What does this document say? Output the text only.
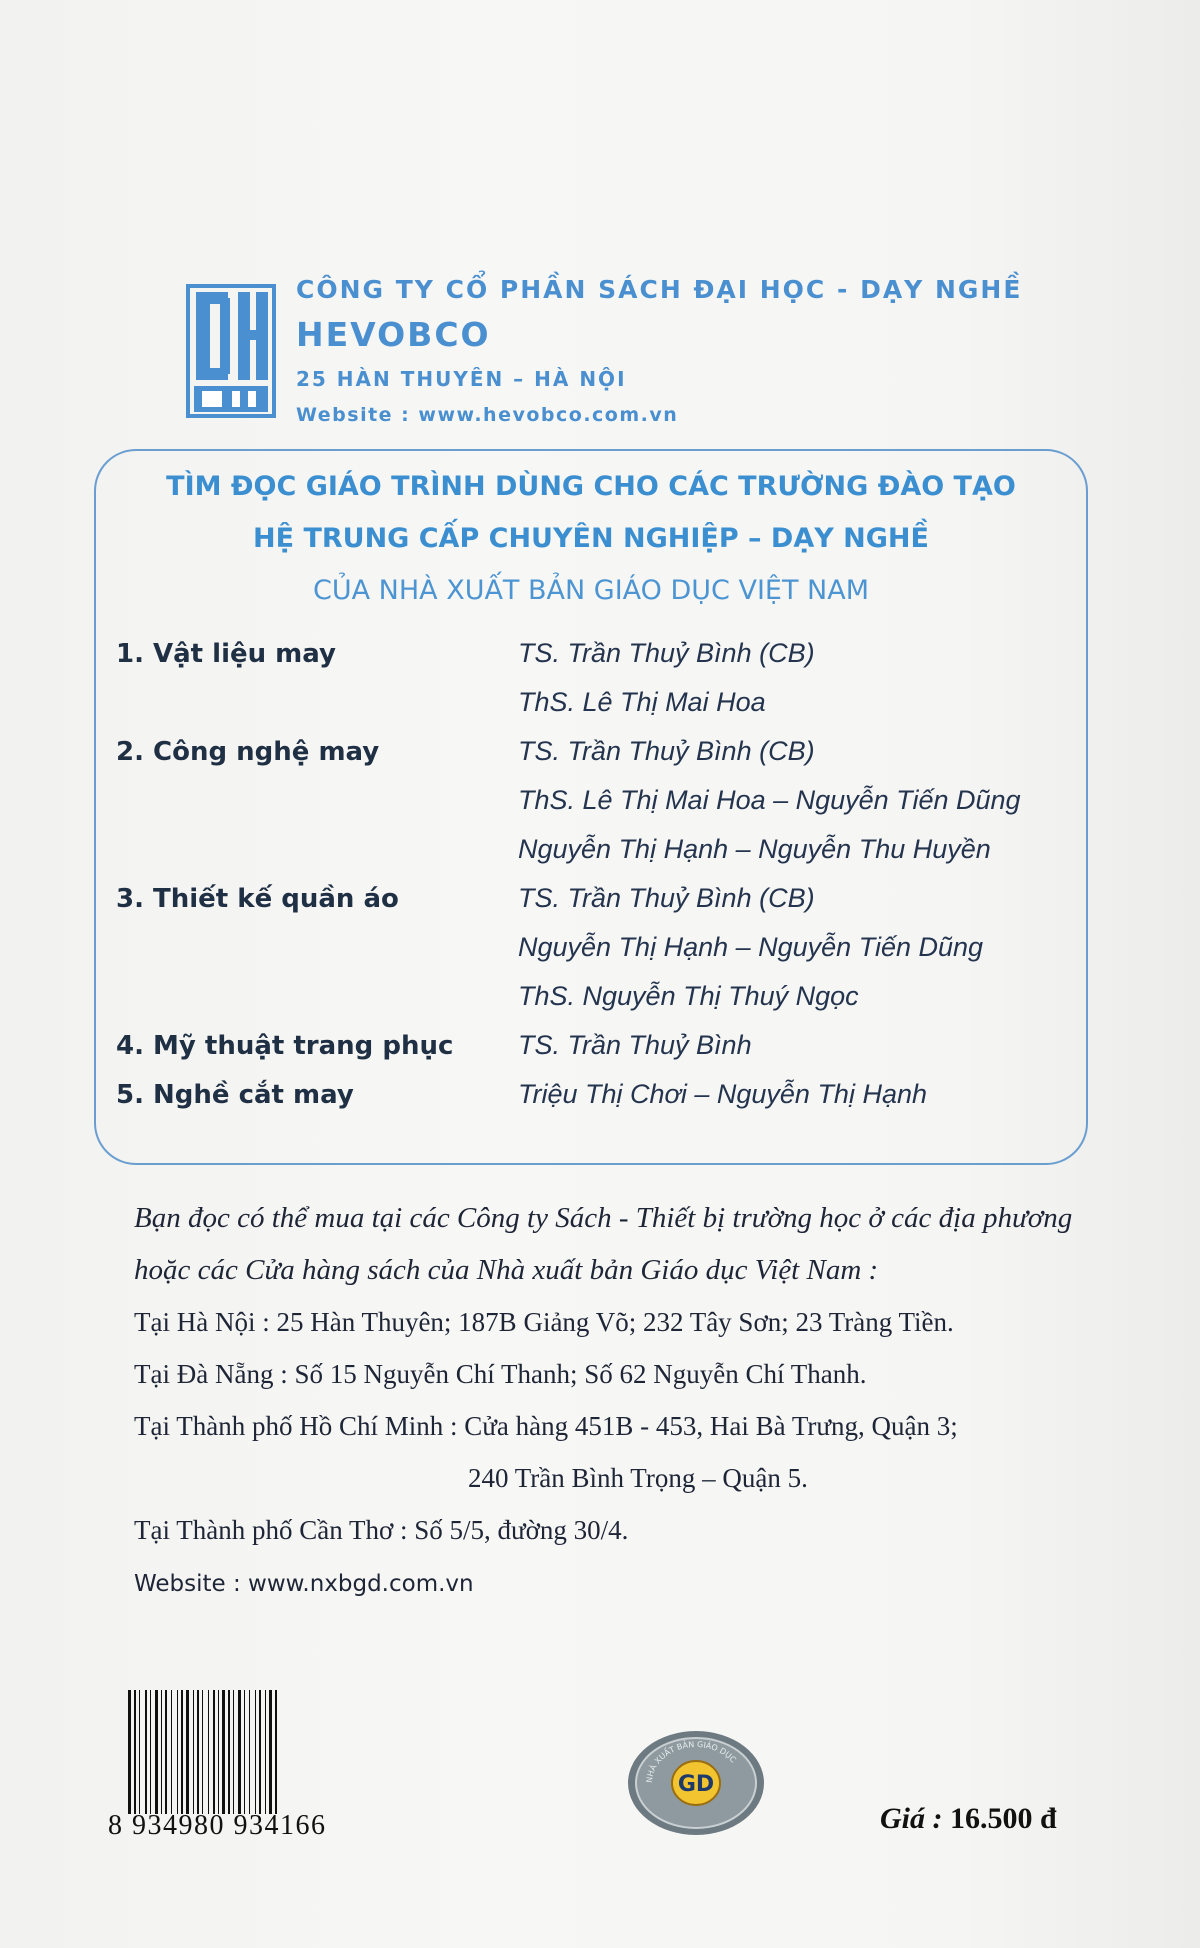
CÔNG TY CỔ PHẦN SÁCH ĐẠI HỌC - DẠY NGHỀ
HEVOBCO
25 HÀN THUYÊN – HÀ NỘI
Website : www.hevobco.com.vn
TÌM ĐỌC GIÁO TRÌNH DÙNG CHO CÁC TRƯỜNG ĐÀO TẠO
HỆ TRUNG CẤP CHUYÊN NGHIỆP – DẠY NGHỀ
CỦA NHÀ XUẤT BẢN GIÁO DỤC VIỆT NAM
1. Vật liệu may	TS. Trần Thuỷ Bình (CB)
ThS. Lê Thị Mai Hoa
2. Công nghệ may	TS. Trần Thuỷ Bình (CB)
ThS. Lê Thị Mai Hoa – Nguyễn Tiến Dũng
Nguyễn Thị Hạnh – Nguyễn Thu Huyền
3. Thiết kế quần áo	TS. Trần Thuỷ Bình (CB)
Nguyễn Thị Hạnh – Nguyễn Tiến Dũng
ThS. Nguyễn Thị Thuý Ngọc
4. Mỹ thuật trang phục TS. Trần Thuỷ Bình
5. Nghề cắt may	Triệu Thị Chơi – Nguyễn Thị Hạnh
Bạn đọc có thể mua tại các Công ty Sách - Thiết bị trường học ở các địa phương
hoặc các Cửa hàng sách của Nhà xuất bản Giáo dục Việt Nam :
Tại Hà Nội : 25 Hàn Thuyên; 187B Giảng Võ; 232 Tây Sơn; 23 Tràng Tiền.
Tại Đà Nẵng : Số 15 Nguyễn Chí Thanh; Số 62 Nguyễn Chí Thanh.
Tại Thành phố Hồ Chí Minh : Cửa hàng 451B - 453, Hai Bà Trưng, Quận 3;
240 Trần Bình Trọng – Quận 5.
Tại Thành phố Cần Thơ : Số 5/5, đường 30/4.
Website : www.nxbgd.com.vn
8 934980 934166
NHÀ XUẤT BẢN GIÁO DỤC
GD
Giá : 16.500 đ
